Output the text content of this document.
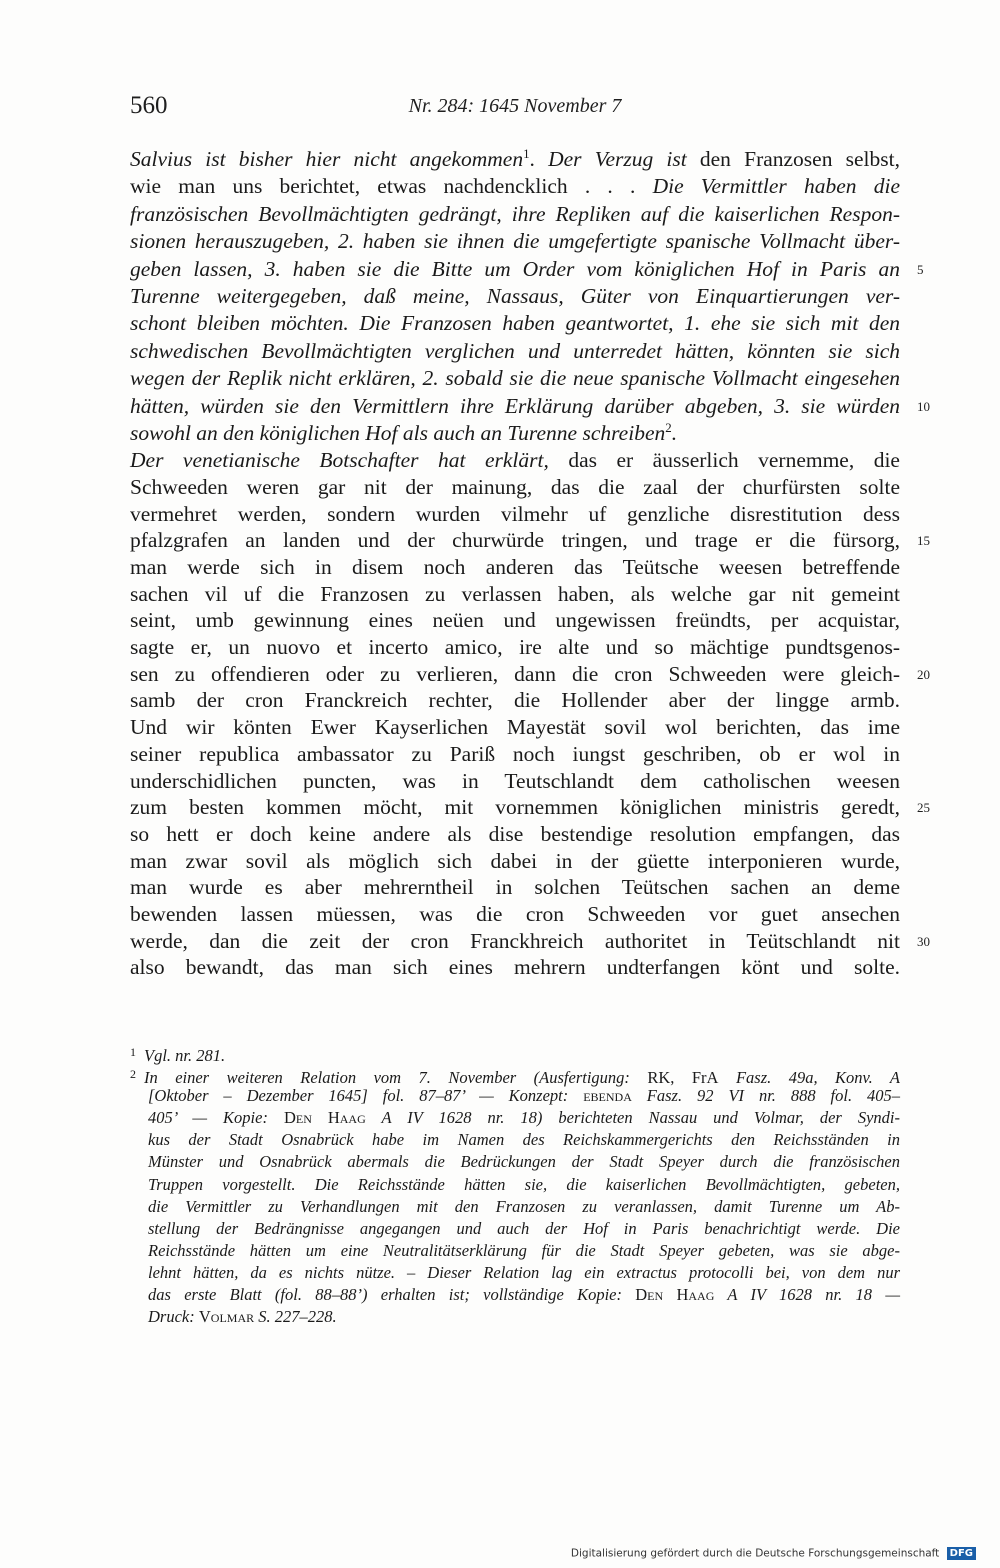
560	Nr. 284: 1645 November 7
Salvius ist bisher hier nicht angekommen$^1$. Der Verzug ist den Franzosen selbst,
wie man uns berichtet, etwas nachdencklich . . . Die Vermittler haben die
französischen Bevollmächtigten gedrängt, ihre Repliken auf die kaiserlichen Respon-
sionen herauszugeben, 2. haben sie ihnen die umgefertigte spanische Vollmacht über-
geben lassen, 3. haben sie die Bitte um Order vom königlichen Hof in Paris an 5
Turenne weitergegeben, daß meine, Nassaus, Güter von Einquartierungen ver-
schont bleiben möchten. Die Franzosen haben geantwortet, 1. ehe sie sich mit den
schwedischen Bevollmächtigten verglichen und unterredet hätten, könnten sie sich
wegen der Replik nicht erklären, 2. sobald sie die neue spanische Vollmacht eingesehen
hätten, würden sie den Vermittlern ihre Erklärung darüber abgeben, 3. sie würden 10
sowohl an den königlichen Hof als auch an Turenne schreiben$^2$.
Der venetianische Botschafter hat erklärt, das er äusserlich vernemme, die
Schweeden weren gar nit der mainung, das die zaal der churfürsten solte
vermehret werden, sondern wurden vilmehr uf genzliche disrestitution dess
pfalzgrafen an landen und der churwürde tringen, und trage er die fürsorg, 15
man werde sich in disem noch anderen das Teütsche weesen betreffende
sachen vil uf die Franzosen zu verlassen haben, als welche gar nit gemeint
seint, umb gewinnung eines neüen und ungewissen freündts, per acquistar,
sagte er, un nuovo et incerto amico, ire alte und so mächtige pundtsgenos-
sen zu offendieren oder zu verlieren, dann die cron Schweeden were gleich- 20
samb der cron Franckreich rechter, die Hollender aber der lingge armb.
Und wir könten Ewer Kayserlichen Mayestät sovil wol berichten, das ime
seiner republica ambassator zu Pariß noch iungst geschriben, ob er wol in
underschidlichen puncten, was in Teutschlandt dem catholischen weesen
zum besten kommen möcht, mit vornemmen königlichen ministris geredt, 25
so hett er doch keine andere als dise bestendige resolution empfangen, das
man zwar sovil als möglich sich dabei in der güette interponieren wurde,
man wurde es aber mehrerntheil in solchen Teütschen sachen an deme
bewenden lassen müessen, was die cron Schweeden vor guet ansechen
werde, dan die zeit der cron Franckhreich authoritet in Teütschlandt nit 30
also bewandt, das man sich eines mehrern undterfangen könt und solte.
1 Vgl. nr. 281.
2 In einer weiteren Relation vom 7. November (Ausfertigung: RK, FrA Fasz. 49a, Konv. A
[Oktober – Dezember 1645] fol. 87–87’ — Konzept: ebenda Fasz. 92 VI nr. 888 fol. 405–
405’ — Kopie: Den Haag A IV 1628 nr. 18) berichteten Nassau und Volmar, der Syndi-
kus der Stadt Osnabrück habe im Namen des Reichskammergerichts den Reichsständen in
Münster und Osnabrück abermals die Bedrückungen der Stadt Speyer durch die französischen
Truppen vorgestellt. Die Reichsstände hätten sie, die kaiserlichen Bevollmächtigten, gebeten,
die Vermittler zu Verhandlungen mit den Franzosen zu veranlassen, damit Turenne um Ab-
stellung der Bedrängnisse angegangen und auch der Hof in Paris benachrichtigt werde. Die
Reichsstände hätten um eine Neutralitätserklärung für die Stadt Speyer gebeten, was sie abge-
lehnt hätten, da es nichts nütze. – Dieser Relation lag ein extractus protocolli bei, von dem nur
das erste Blatt (fol. 88–88’) erhalten ist; vollständige Kopie: Den Haag A IV 1628 nr. 18 —
Druck: Volmar S. 227–228.
Digitalisierung gefördert durch die Deutsche Forschungsgemeinschaft DFG
